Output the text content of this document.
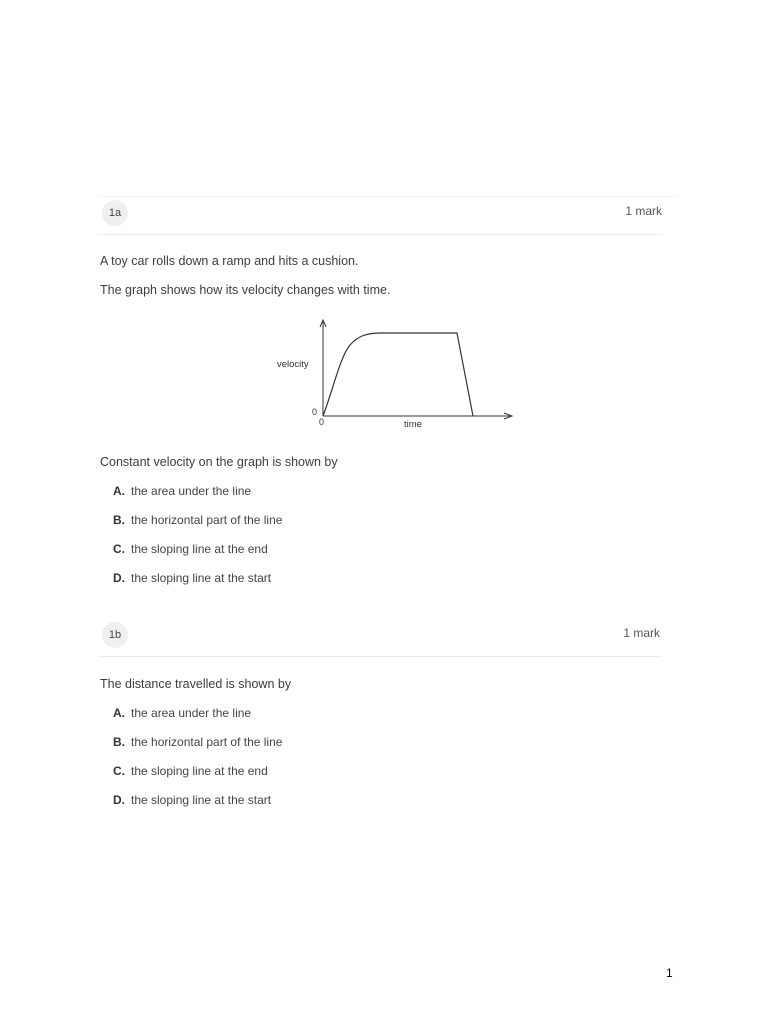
1a	1 mark
A toy car rolls down a ramp and hits a cushion.
The graph shows how its velocity changes with time.
velocity
time
0
0
Constant velocity on the graph is shown by
A. the area under the line
B. the horizontal part of the line
C. the sloping line at the end
D. the sloping line at the start
1b	1 mark
The distance travelled is shown by
A. the area under the line
B. the horizontal part of the line
C. the sloping line at the end
D. the sloping line at the start
1
